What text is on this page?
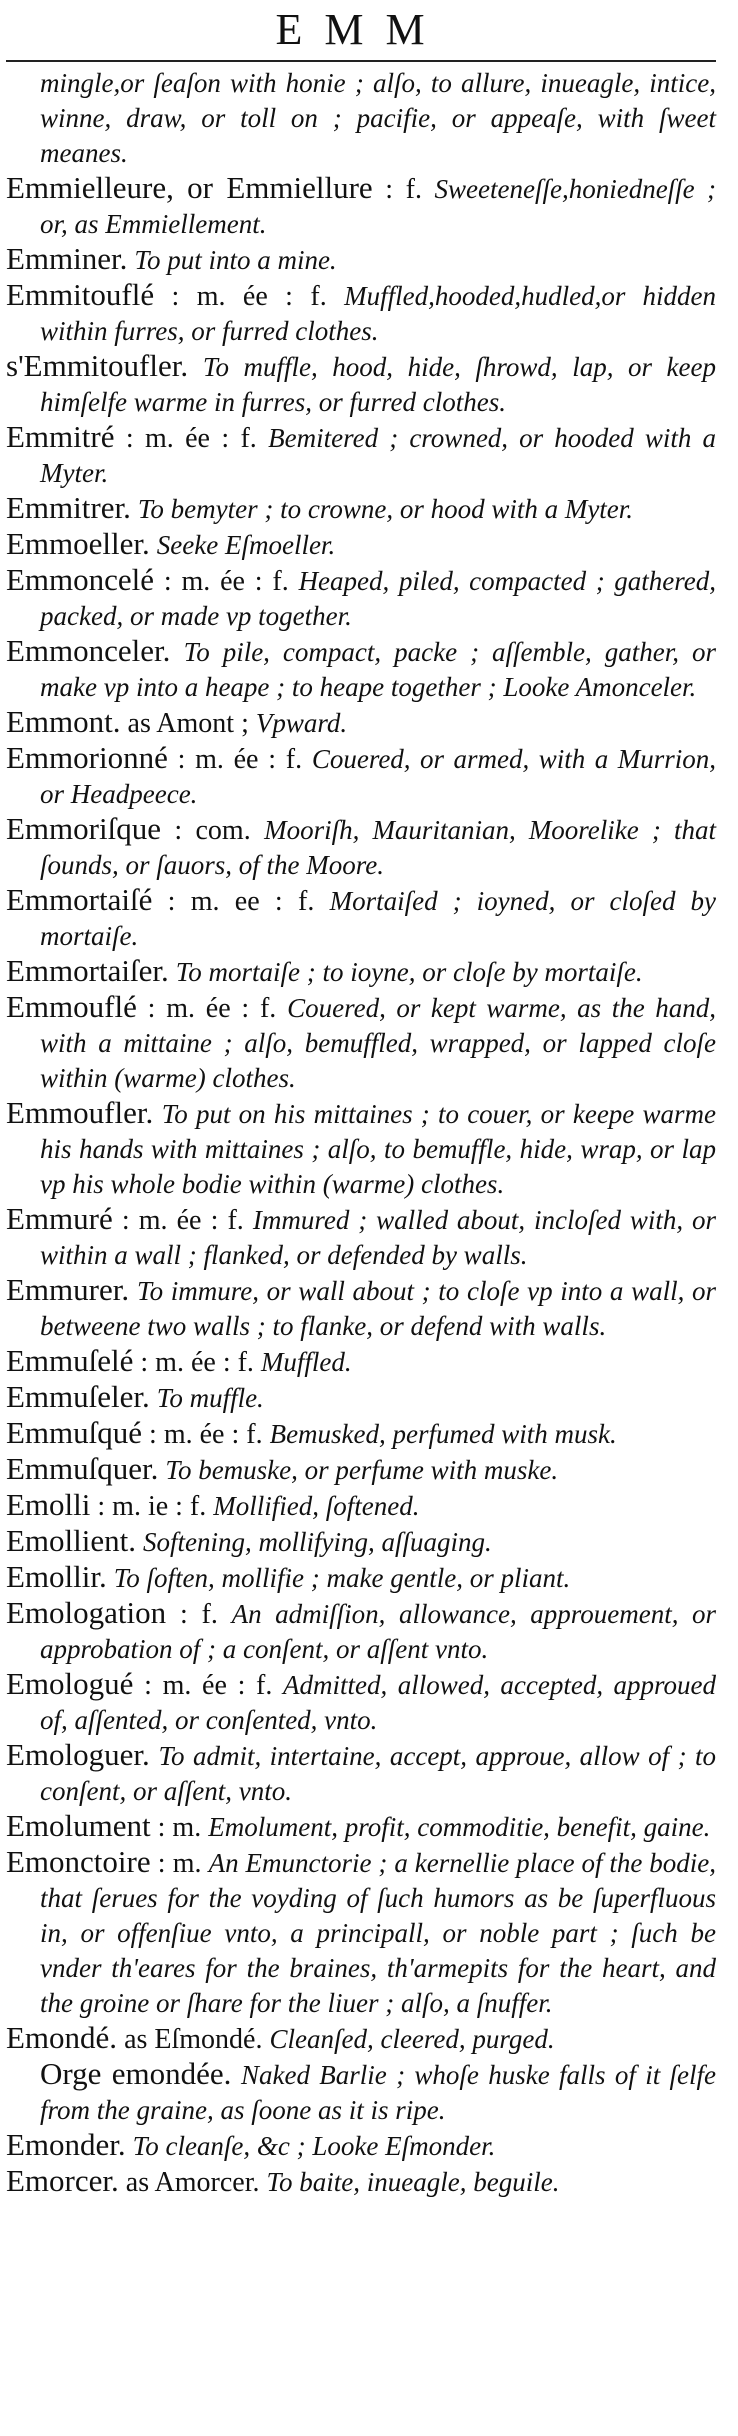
EMM

mingle,or ſeaſon with honie ; alſo, to allure, inueagle, intice, winne, draw, or toll on ; pacifie, or appeaſe, with ſweet meanes.

Emmielleure, or Emmiellure : f. Sweeteneſſe,honiedneſſe ; or, as Emmiellement.

Emminer. To put into a mine.

Emmitouflé : m. ée : f. Muffled,hooded,hudled,or hidden within furres, or furred clothes.

s'Emmitoufler. To muffle, hood, hide, ſhrowd, lap, or keep himſelfe warme in furres, or furred clothes.

Emmitré : m. ée : f. Bemitered ; crowned, or hooded with a Myter.

Emmitrer. To bemyter ; to crowne, or hood with a Myter.

Emmoeller. Seeke Eſmoeller.

Emmoncelé : m. ée : f. Heaped, piled, compacted ; gathered, packed, or made vp together.

Emmonceler. To pile, compact, packe ; aſſemble, gather, or make vp into a heape ; to heape together ; Looke Amonceler.

Emmont. as Amont ; Vpward.

Emmorionné : m. ée : f. Couered, or armed, with a Murrion, or Headpeece.

Emmoriſque : com. Mooriſh, Mauritanian, Moorelike ; that ſounds, or ſauors, of the Moore.

Emmortaiſé : m. ee : f. Mortaiſed ; ioyned, or cloſed by mortaiſe.

Emmortaiſer. To mortaiſe ; to ioyne, or cloſe by mortaiſe.

Emmouflé : m. ée : f. Couered, or kept warme, as the hand, with a mittaine ; alſo, bemuffled, wrapped, or lapped cloſe within (warme) clothes.

Emmoufler. To put on his mittaines ; to couer, or keepe warme his hands with mittaines ; alſo, to bemuffle, hide, wrap, or lap vp his whole bodie within (warme) clothes.

Emmuré : m. ée : f. Immured ; walled about, incloſed with, or within a wall ; flanked, or defended by walls.

Emmurer. To immure, or wall about ; to cloſe vp into a wall, or betweene two walls ; to flanke, or defend with walls.

Emmuſelé : m. ée : f. Muffled.

Emmuſeler. To muffle.

Emmuſqué : m. ée : f. Bemusked, perfumed with musk.

Emmuſquer. To bemuske, or perfume with muske.

Emolli : m. ie : f. Mollified, ſoftened.

Emollient. Softening, mollifying, aſſuaging.

Emollir. To ſoften, mollifie ; make gentle, or pliant.

Emologation : f. An admiſſion, allowance, approuement, or approbation of ; a conſent, or aſſent vnto.

Emologué : m. ée : f. Admitted, allowed, accepted, approued of, aſſented, or conſented, vnto.

Emologuer. To admit, intertaine, accept, approue, allow of ; to conſent, or aſſent, vnto.

Emolument : m. Emolument, profit, commoditie, benefit, gaine.

Emonctoire : m. An Emunctorie ; a kernellie place of the bodie, that ſerues for the voyding of ſuch humors as be ſuperfluous in, or offenſiue vnto, a principall, or noble part ; ſuch be vnder th'eares for the braines, th'armepits for the heart, and the groine or ſhare for the liuer ; alſo, a ſnuffer.

Emondé. as Eſmondé. Cleanſed, cleered, purged.

Orge emondée. Naked Barlie ; whoſe huske falls of it ſelfe from the graine, as ſoone as it is ripe.

Emonder. To cleanſe, &c ; Looke Eſmonder.

Emorcer. as Amorcer. To baite, inueagle, beguile.
